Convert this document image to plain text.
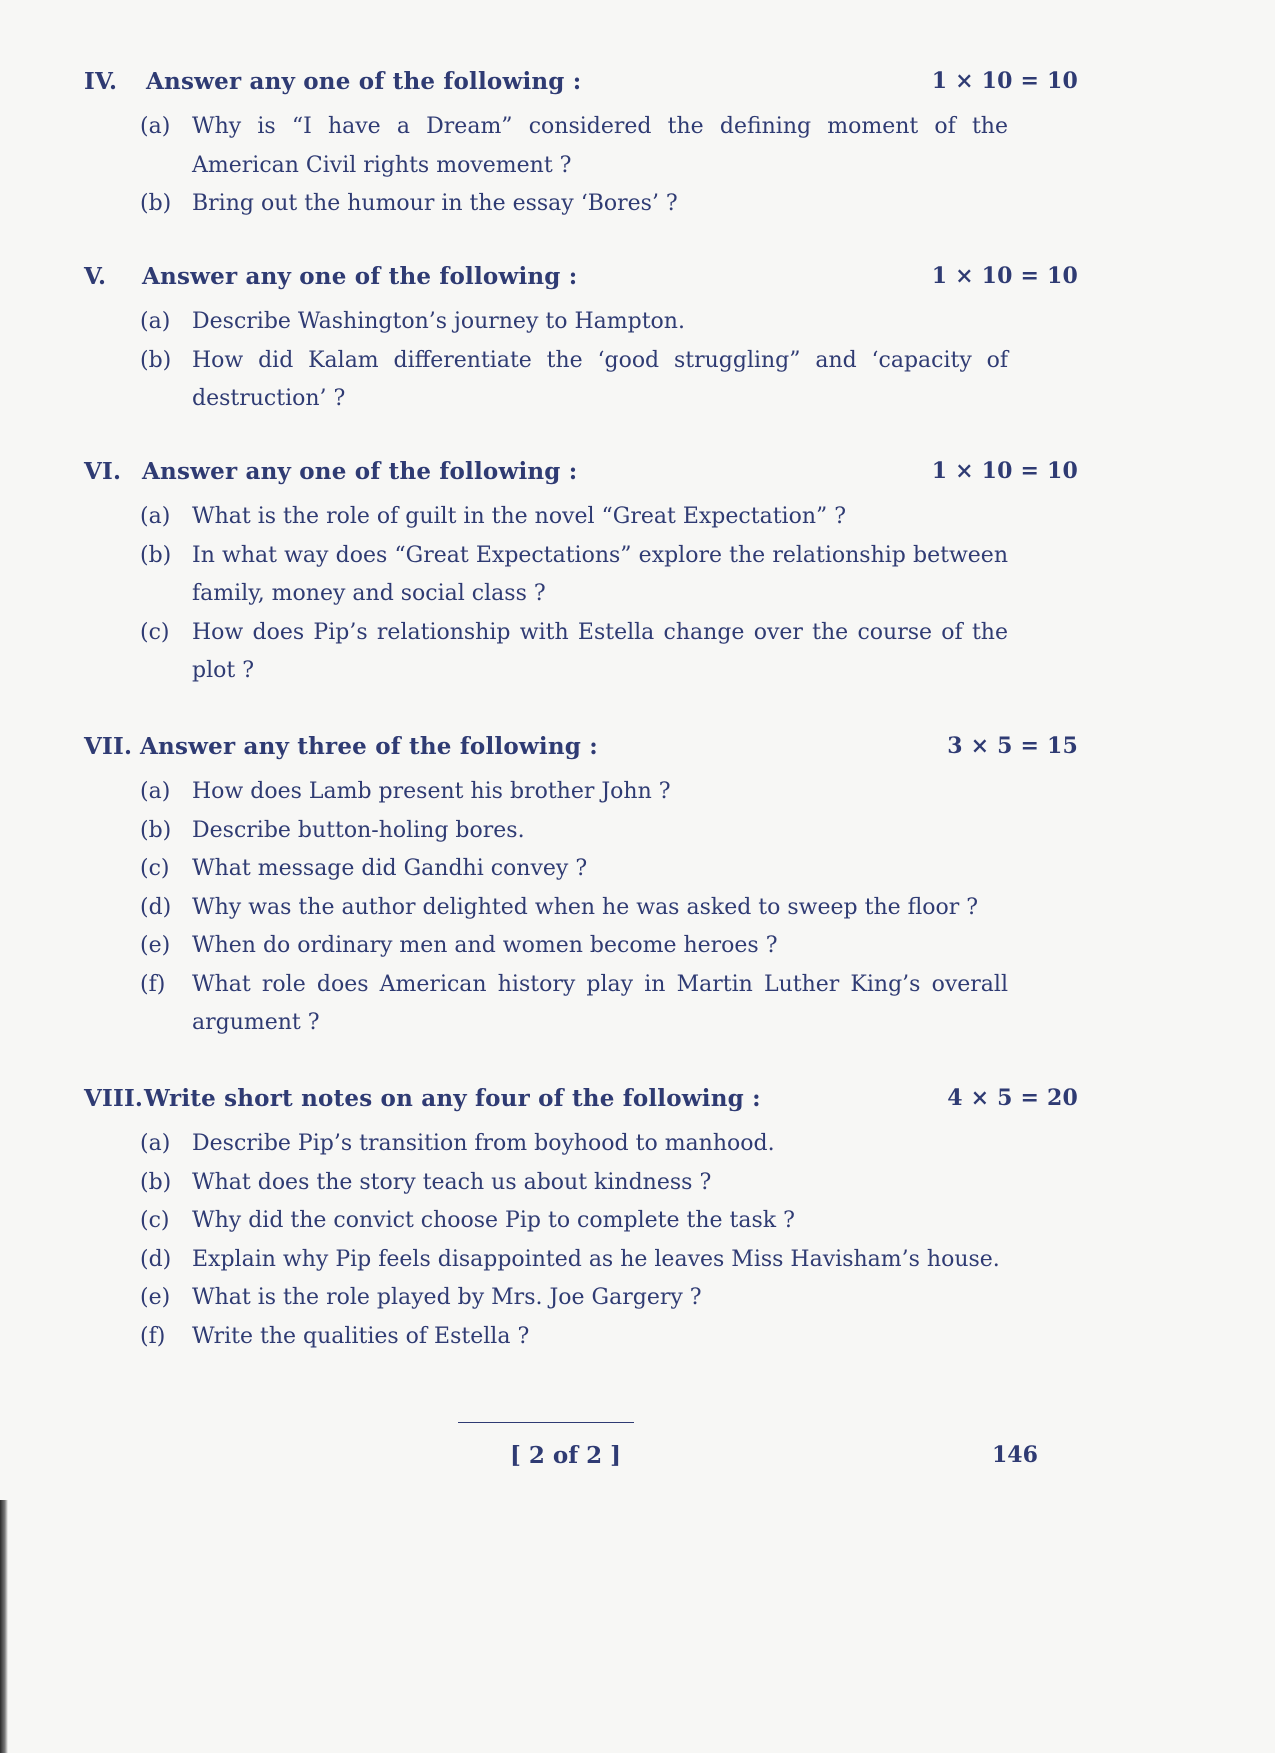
IV. Answer any one of the following :	1 × 10 = 10
(a) Why is “I have a Dream” considered the defining moment of the American Civil rights movement ?
(b) Bring out the humour in the essay ‘Bores’ ?
V. Answer any one of the following :	1 × 10 = 10
(a) Describe Washington’s journey to Hampton.
(b) How did Kalam differentiate the ‘good struggling” and ‘capacity of destruction’ ?
VI. Answer any one of the following :	1 × 10 = 10
(a) What is the role of guilt in the novel “Great Expectation” ?
(b) In what way does “Great Expectations” explore the relationship between family, money and social class ?
(c) How does Pip’s relationship with Estella change over the course of the plot ?
VII. Answer any three of the following :	3 × 5 = 15
(a) How does Lamb present his brother John ?
(b) Describe button-holing bores.
(c) What message did Gandhi convey ?
(d) Why was the author delighted when he was asked to sweep the floor ?
(e) When do ordinary men and women become heroes ?
(f) What role does American history play in Martin Luther King’s overall argument ?
VIII. Write short notes on any four of the following :	4 × 5 = 20
(a) Describe Pip’s transition from boyhood to manhood.
(b) What does the story teach us about kindness ?
(c) Why did the convict choose Pip to complete the task ?
(d) Explain why Pip feels disappointed as he leaves Miss Havisham’s house.
(e) What is the role played by Mrs. Joe Gargery ?
(f) Write the qualities of Estella ?
[ 2 of 2 ]	146
